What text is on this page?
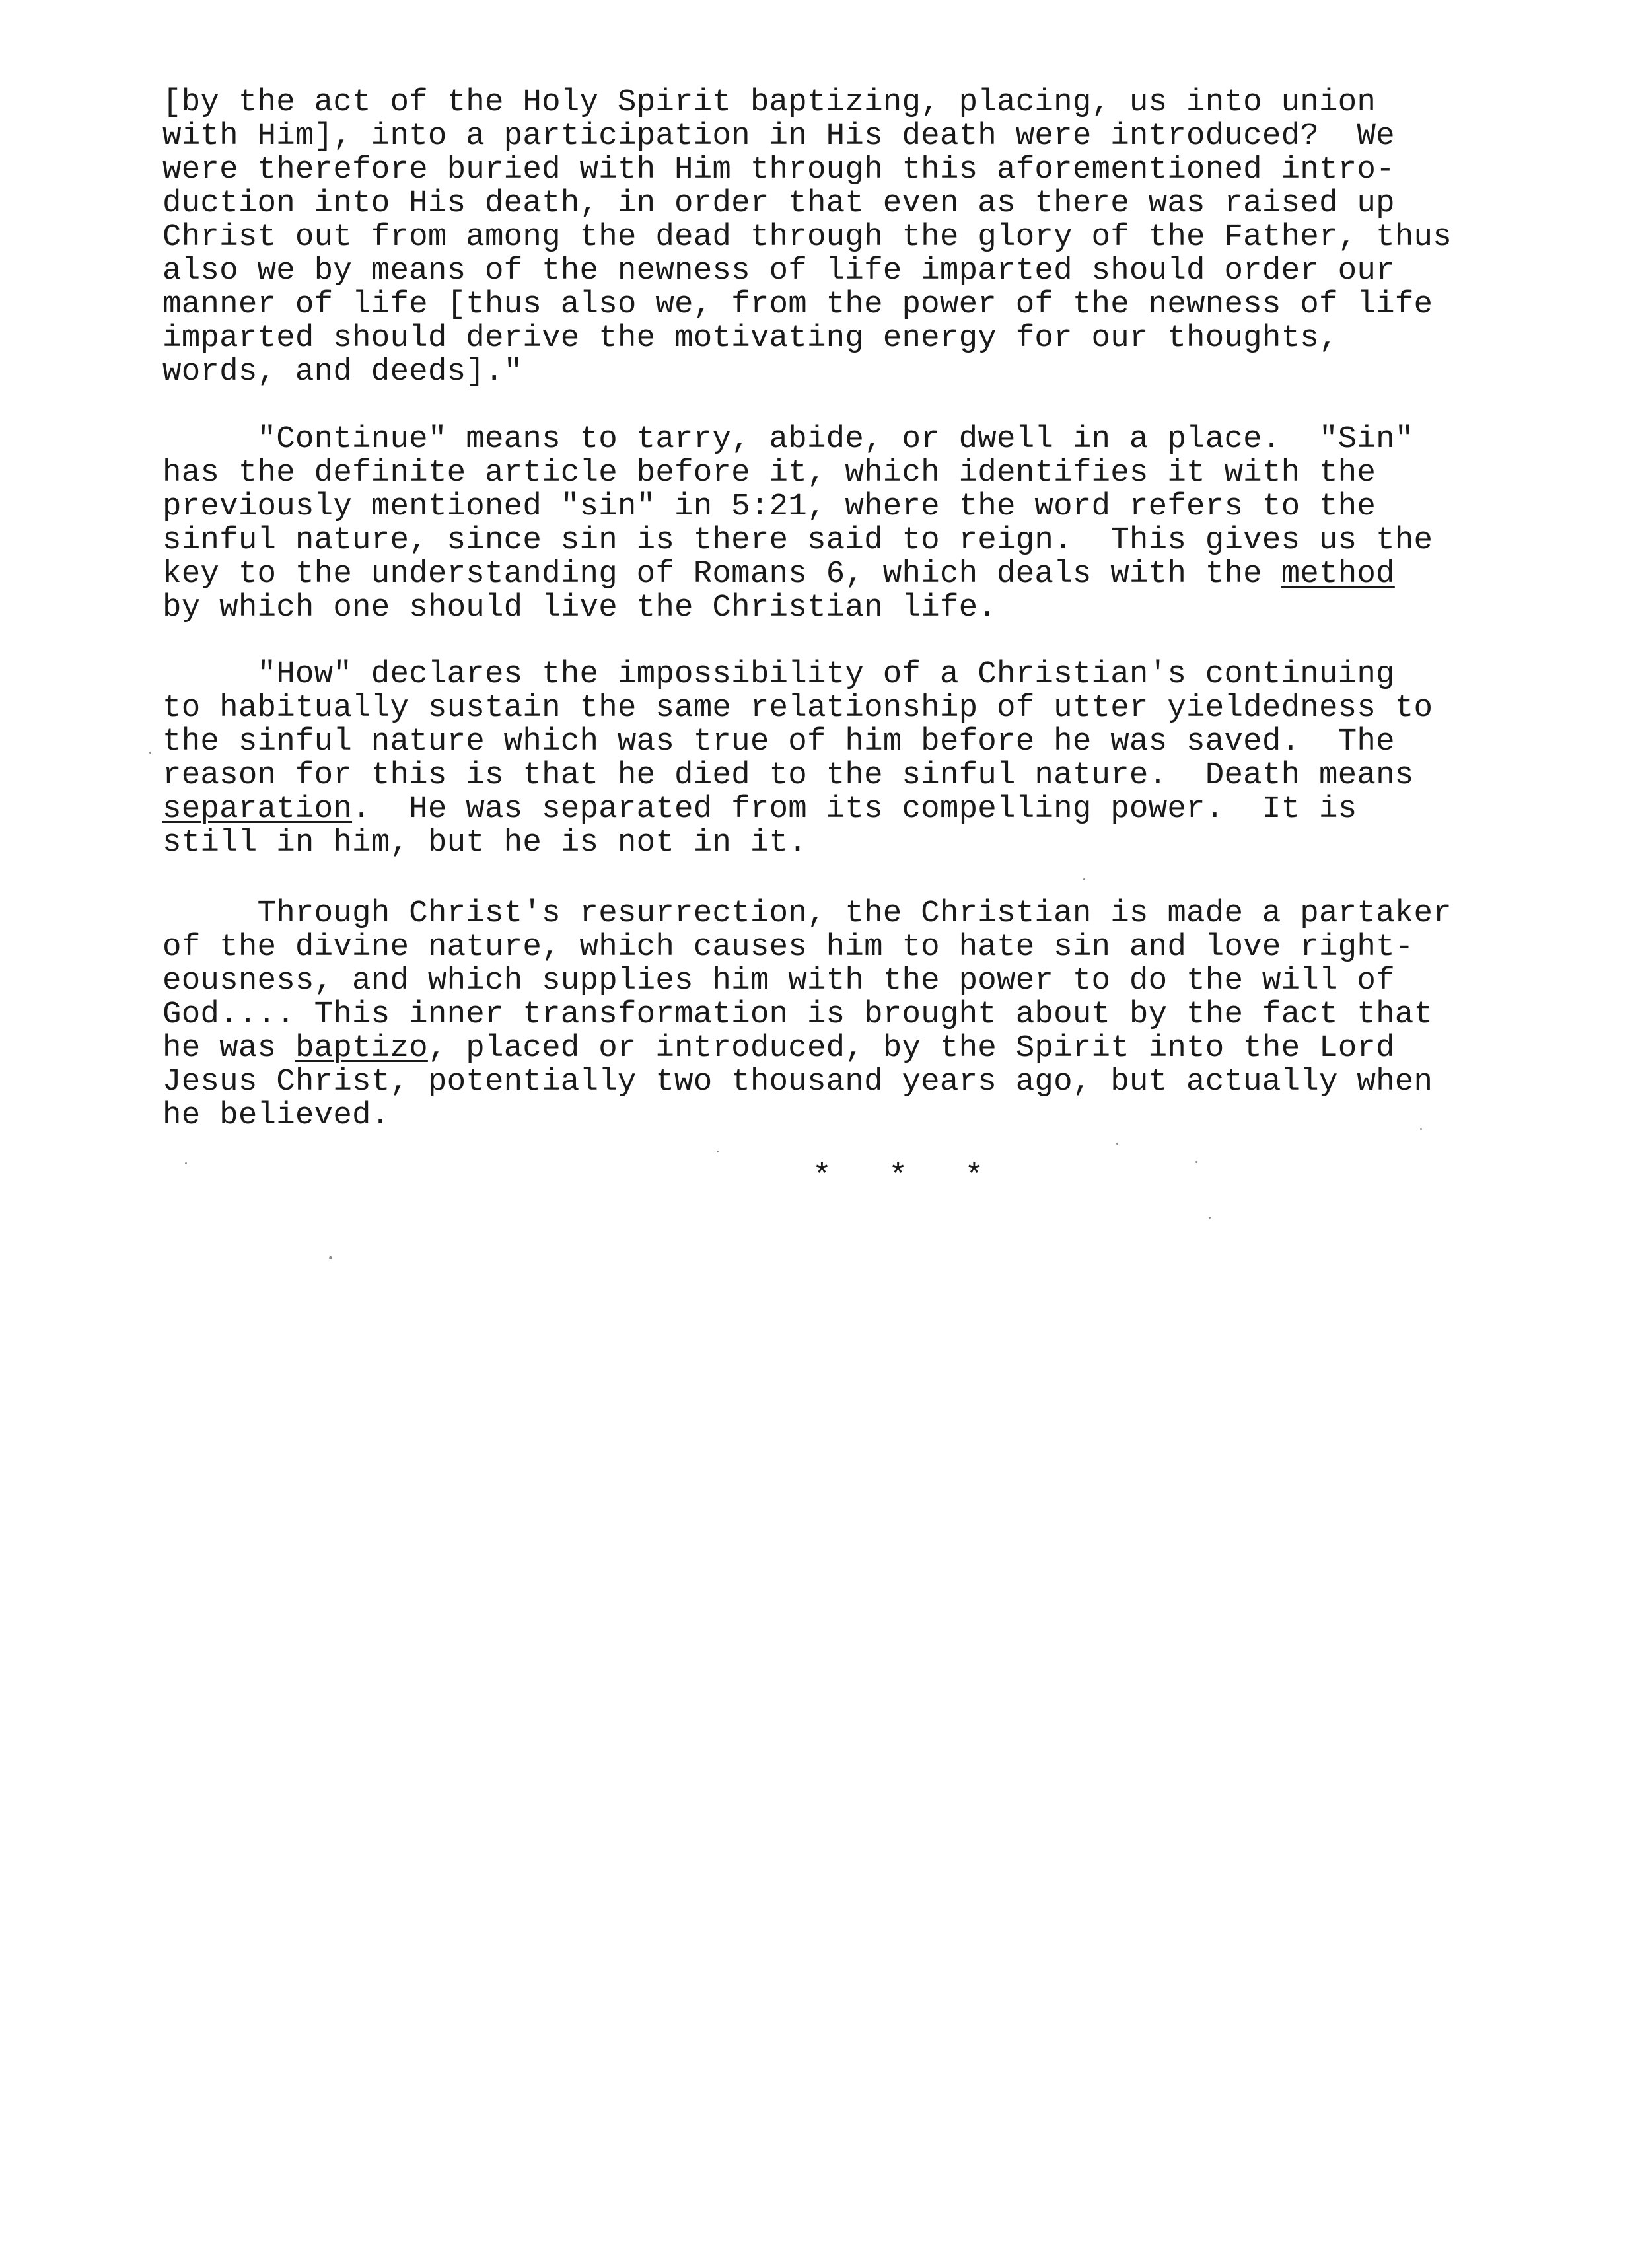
[by the act of the Holy Spirit baptizing, placing, us into union
with Him], into a participation in His death were introduced?  We
were therefore buried with Him through this aforementioned intro-
duction into His death, in order that even as there was raised up
Christ out from among the dead through the glory of the Father, thus
also we by means of the newness of life imparted should order our
manner of life [thus also we, from the power of the newness of life
imparted should derive the motivating energy for our thoughts,
words, and deeds]."
"Continue" means to tarry, abide, or dwell in a place.  "Sin"
has the definite article before it, which identifies it with the
previously mentioned "sin" in 5:21, where the word refers to the
sinful nature, since sin is there said to reign.  This gives us the
key to the understanding of Romans 6, which deals with the method
by which one should live the Christian life.
"How" declares the impossibility of a Christian's continuing
to habitually sustain the same relationship of utter yieldedness to
the sinful nature which was true of him before he was saved.  The
reason for this is that he died to the sinful nature.  Death means
separation.  He was separated from its compelling power.  It is
still in him, but he is not in it.
Through Christ's resurrection, the Christian is made a partaker
of the divine nature, which causes him to hate sin and love right-
eousness, and which supplies him with the power to do the will of
God.... This inner transformation is brought about by the fact that
he was baptizo, placed or introduced, by the Spirit into the Lord
Jesus Christ, potentially two thousand years ago, but actually when
he believed.
*   *   *
